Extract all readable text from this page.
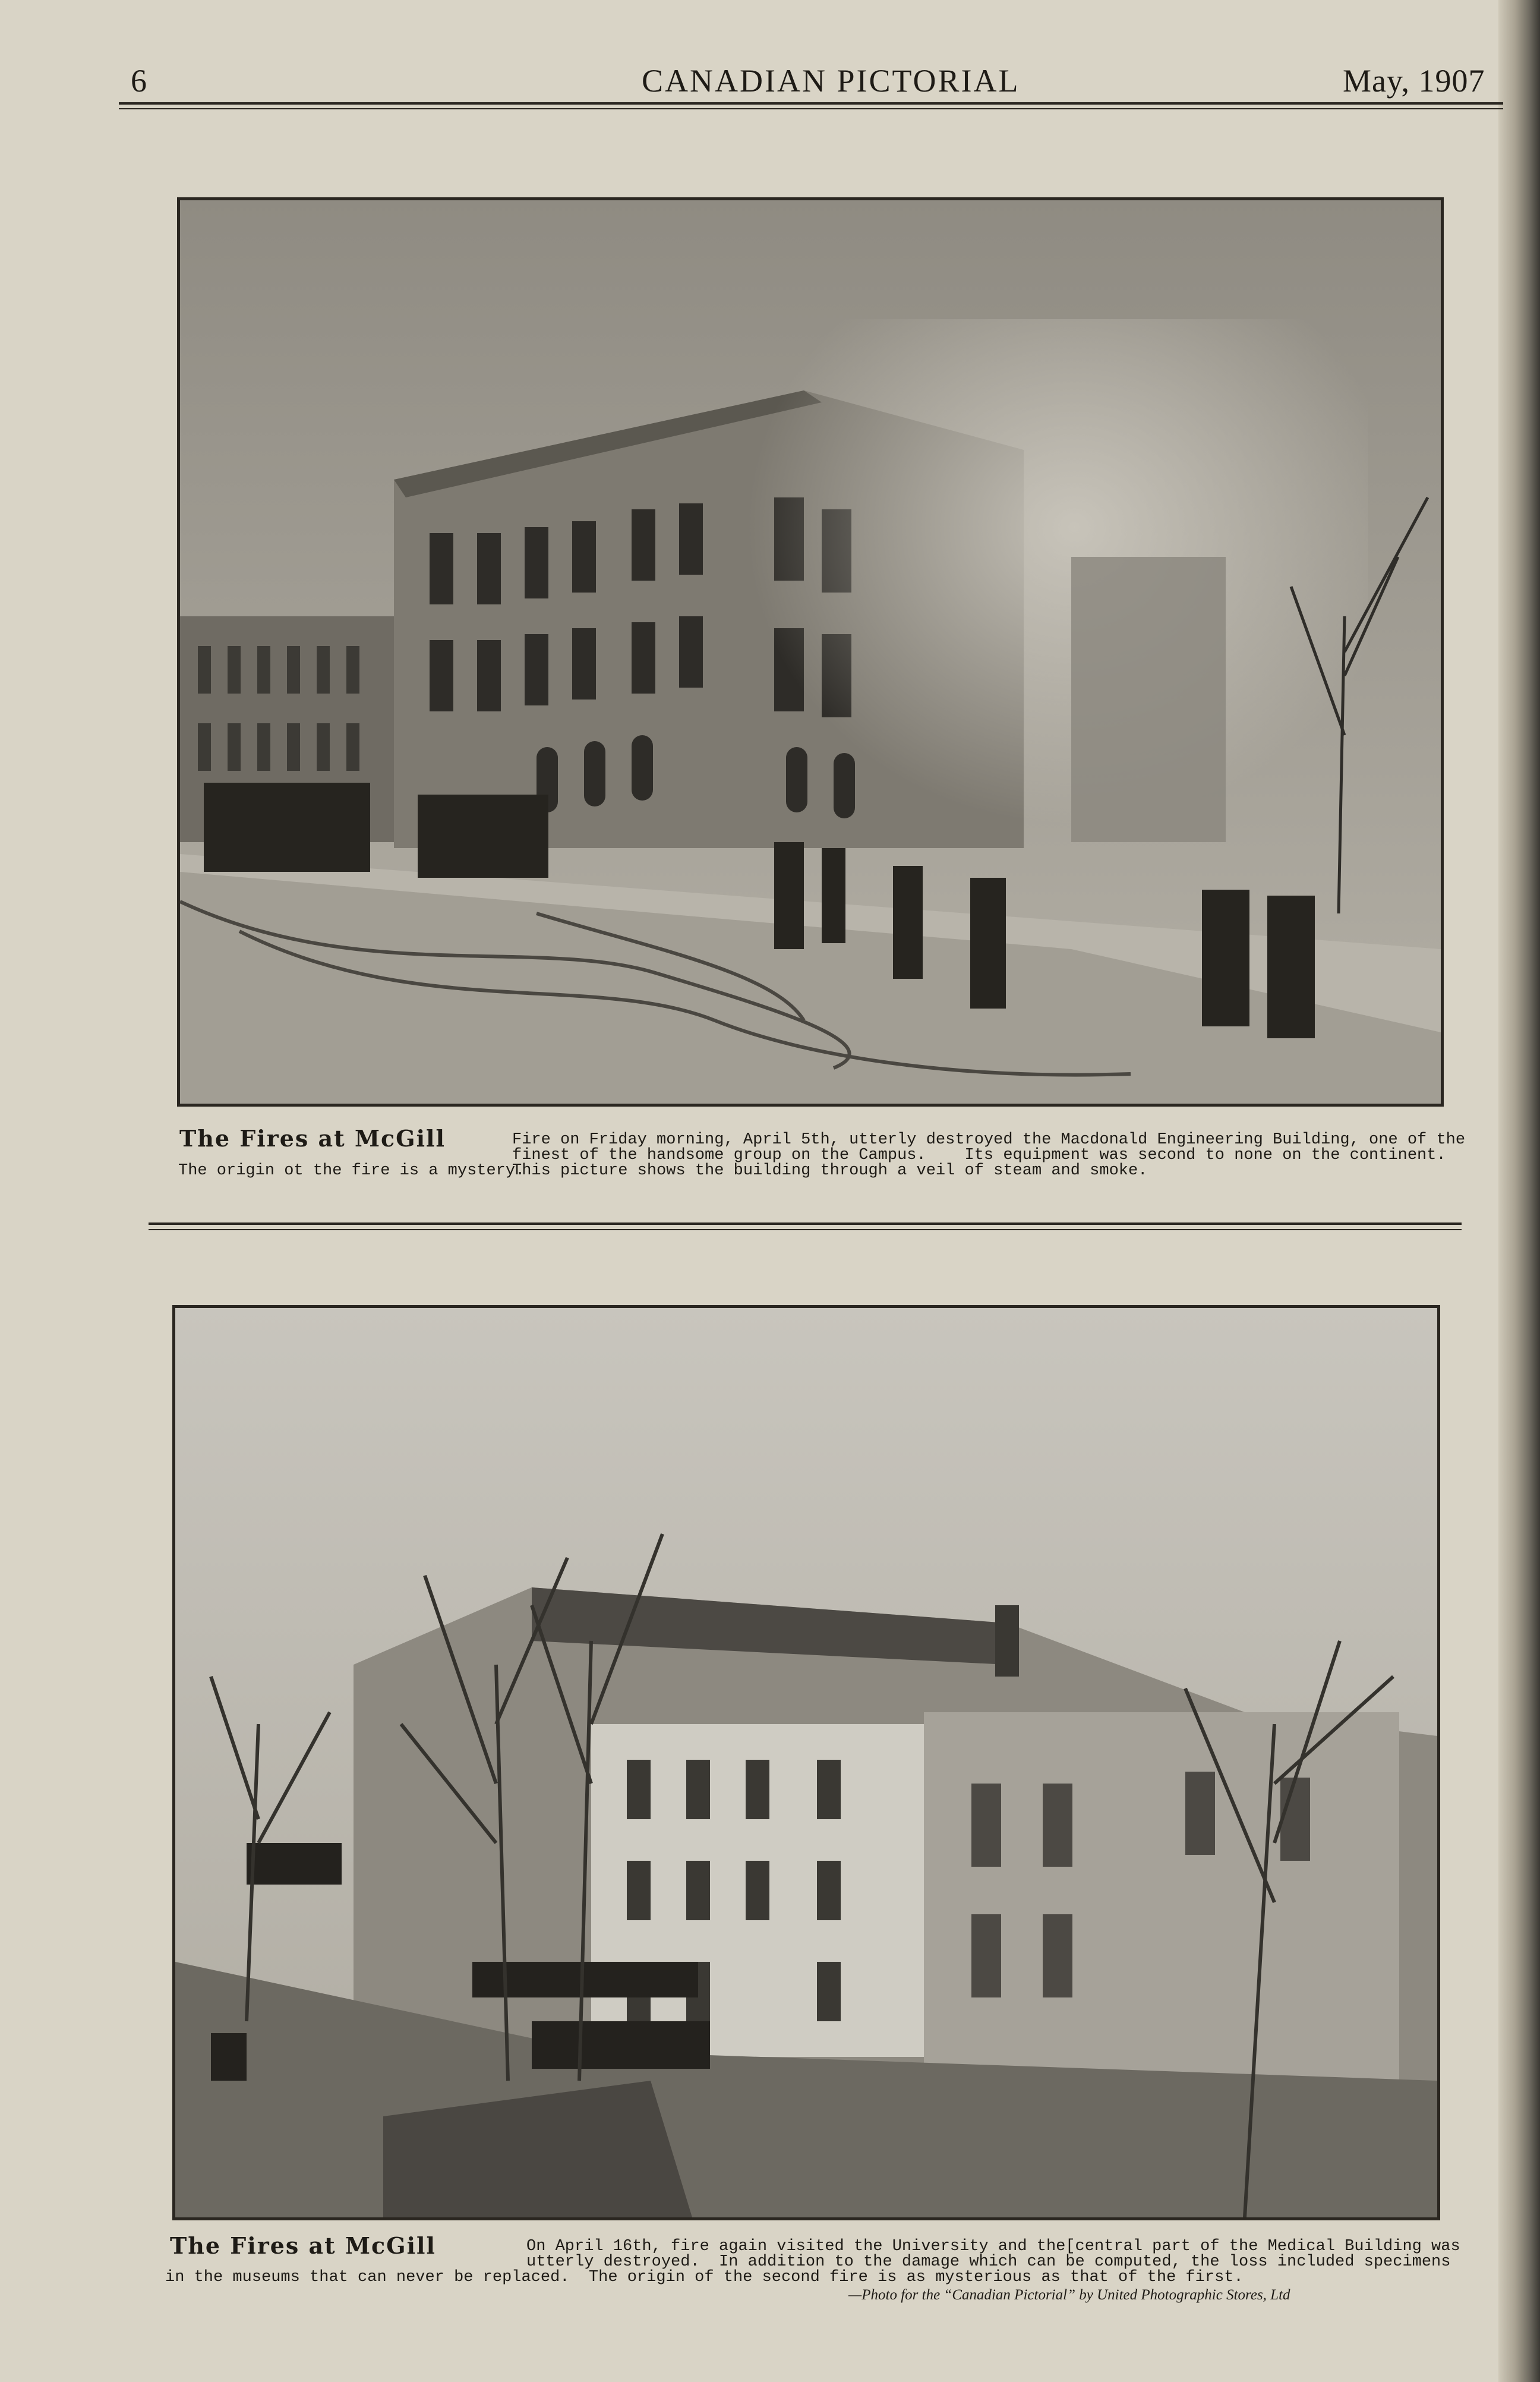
6	CANADIAN PICTORIAL	May, 1907
The Fires at McGill
The origin ot the fire is a mystery.
Fire on Friday morning, April 5th, utterly destroyed the Macdonald Engineering Building, one of the
finest of the handsome group on the Campus.    Its equipment was second to none on the continent.
This picture shows the building through a veil of steam and smoke.
The Fires at McGill	On April 16th, fire again visited the University and the[central part of the Medical Building was
utterly destroyed.  In addition to the damage which can be computed, the loss included specimens
in the museums that can never be replaced.  The origin of the second fire is as mysterious as that of the first.
—Photo for the “Canadian Pictorial” by United Photographic Stores, Ltd
